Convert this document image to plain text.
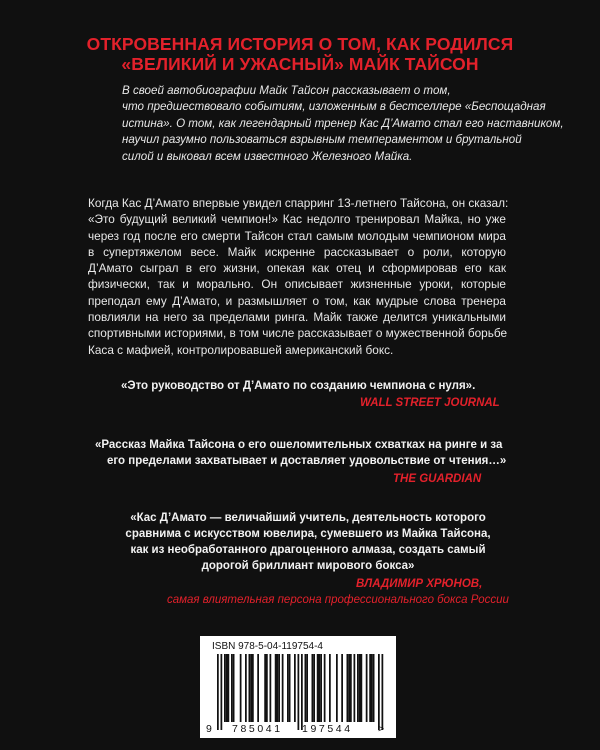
ОТКРОВЕННАЯ ИСТОРИЯ О ТОМ, КАК РОДИЛСЯ
«ВЕЛИКИЙ И УЖАСНЫЙ» МАЙК ТАЙСОН
В своей автобиографии Майк Тайсон рассказывает о том,
что предшествовало событиям, изложенным в бестселлере «Беспощадная
истина». О том, как легендарный тренер Кас Д’Амато стал его наставником,
научил разумно пользоваться взрывным темпераментом и брутальной
силой и выковал всем известного Железного Майка.
Когда Кас Д’Амато впервые увидел спарринг 13-летнего Тайсона, он сказал:
«Это будущий великий чемпион!» Кас недолго тренировал Майка, но уже
через год после его смерти Тайсон стал самым молодым чемпионом мира
в супертяжелом весе. Майк искренне рассказывает о роли, которую
Д’Амато сыграл в его жизни, опекая как отец и сформировав его как
физически, так и морально. Он описывает жизненные уроки, которые
преподал ему Д’Амато, и размышляет о том, как мудрые слова тренера
повлияли на него за пределами ринга. Майк также делится уникальными
спортивными историями, в том числе рассказывает о мужественной борьбе
Каса с мафией, контролировавшей американский бокс.
«Это руководство от Д’Амато по созданию чемпиона с нуля».
WALL STREET JOURNAL
«Рассказ Майка Тайсона о его ошеломительных схватках на ринге и за
его пределами захватывает и доставляет удовольствие от чтения…»
THE GUARDIAN
«Кас Д’Амато — величайший учитель, деятельность которого
сравнима с искусством ювелира, сумевшего из Майка Тайсона,
как из необработанного драгоценного алмаза, создать самый
дорогой бриллиант мирового бокса»
ВЛАДИМИР ХРЮНОВ,
самая влиятельная персона профессионального бокса России
ISBN 978-5-04-119754-4
9 785041 197544 >
